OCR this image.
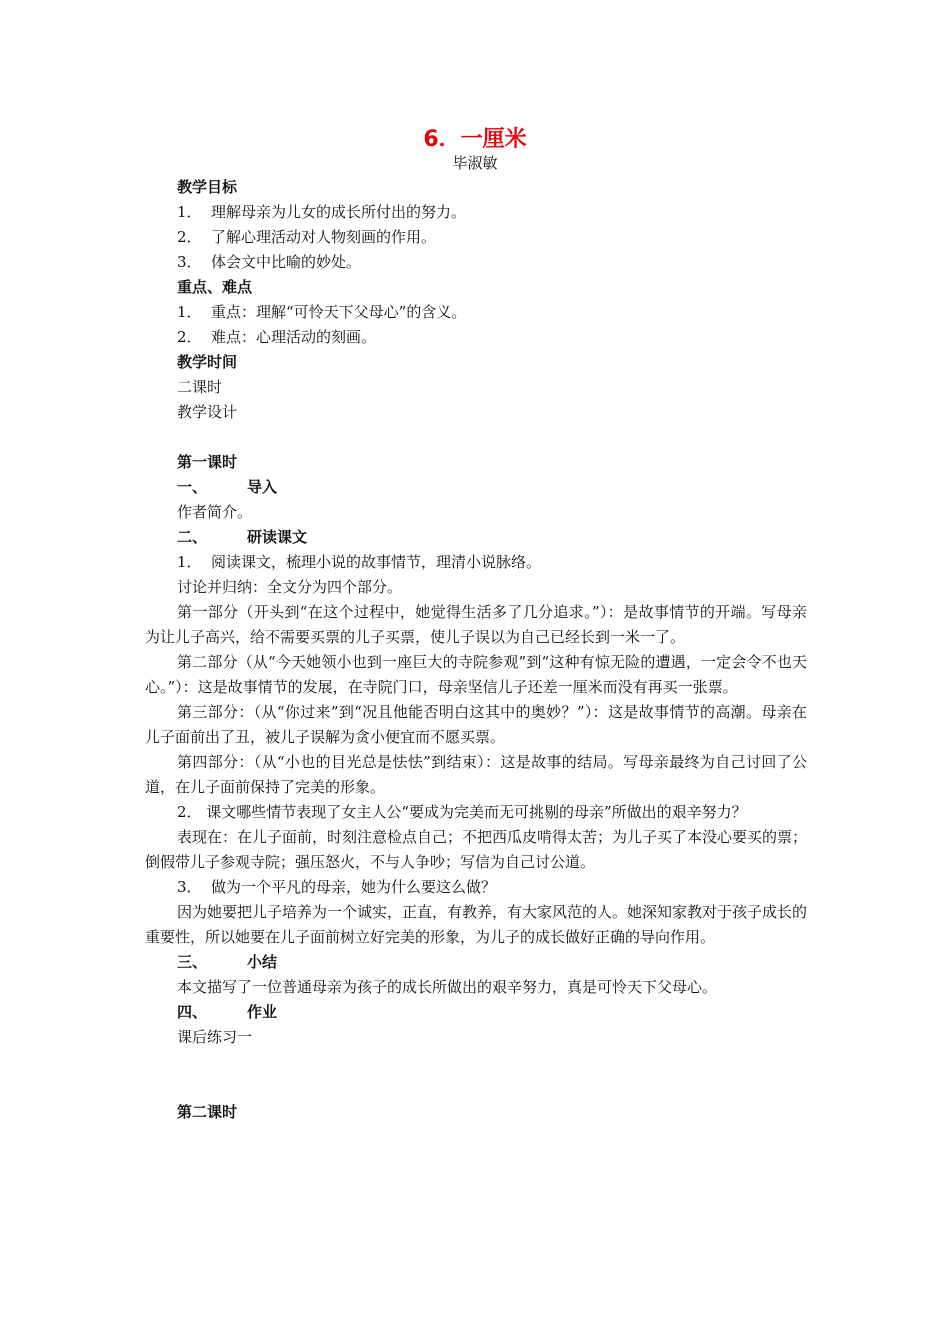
6．一厘米
毕淑敏

教学目标

1． 理解母亲为儿女的成长所付出的努力。

2． 了解心理活动对人物刻画的作用。

3． 体会文中比喻的妙处。

重点、难点

1． 重点：理解“可怜天下父母心”的含义。

2． 难点：心理活动的刻画。

教学时间

二课时

教学设计

第一课时

一、	导入

作者简介。

二、	研读课文

1． 阅读课文，梳理小说的故事情节，理清小说脉络。

讨论并归纳：全文分为四个部分。

第一部分（开头到“在这个过程中，她觉得生活多了几分追求。”）：是故事情节的开端。写母亲为让儿子高兴，给不需要买票的儿子买票，使儿子误以为自己已经长到一米一了。

第二部分（从“今天她领小也到一座巨大的寺院参观”到“这种有惊无险的遭遇，一定会令不也天心。”）：这是故事情节的发展，在寺院门口，母亲坚信儿子还差一厘米而没有再买一张票。

第三部分：（从“你过来”到“况且他能否明白这其中的奥妙？”）：这是故事情节的高潮。母亲在儿子面前出了丑，被儿子误解为贪小便宜而不愿买票。

第四部分：（从“小也的目光总是怯怯”到结束）：这是故事的结局。写母亲最终为自己讨回了公道，在儿子面前保持了完美的形象。

2． 课文哪些情节表现了女主人公“要成为完美而无可挑剔的母亲”所做出的艰辛努力？

表现在：在儿子面前，时刻注意检点自己；不把西瓜皮啃得太苦；为儿子买了本没心要买的票；倒假带儿子参观寺院；强压怒火，不与人争吵；写信为自己讨公道。

3． 做为一个平凡的母亲，她为什么要这么做？

因为她要把儿子培养为一个诚实，正直，有教养，有大家风范的人。她深知家教对于孩子成长的重要性，所以她要在儿子面前树立好完美的形象，为儿子的成长做好正确的导向作用。

三、	小结

本文描写了一位普通母亲为孩子的成长所做出的艰辛努力，真是可怜天下父母心。

四、	作业

课后练习一

第二课时
